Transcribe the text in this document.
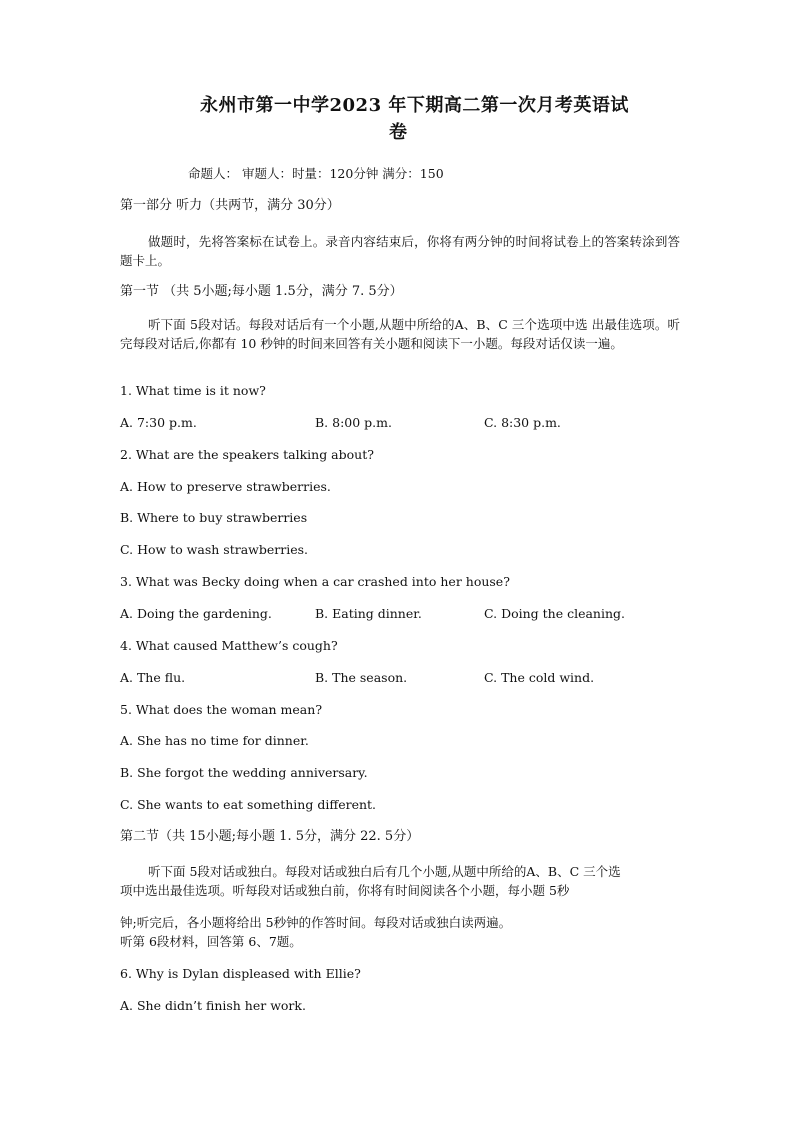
永州市第一中学2023 年下期高二第一次月考英语试
卷
命题人： 审题人：时量：120分钟 满分：150
第一部分 听力（共两节，满分 30分）
做题时，先将答案标在试卷上。录音内容结束后，你将有两分钟的时间将试卷上的答案转涂到答题卡上。
第一节 （共 5小题;每小题 1.5分，满分 7. 5分）
听下面 5段对话。每段对话后有一个小题,从题中所给的A、B、C 三个选项中选 出最佳选项。听完每段对话后,你都有 10 秒钟的时间来回答有关小题和阅读下一小题。每段对话仅读一遍。
1. What time is it now?
A. 7:30 p.m.	B. 8:00 p.m.	C. 8:30 p.m.
2. What are the speakers talking about?
A. How to preserve strawberries.
B. Where to buy strawberries
C. How to wash strawberries.
3. What was Becky doing when a car crashed into her house?
A. Doing the gardening.	B. Eating dinner.	C. Doing the cleaning.
4. What caused Matthew’s cough?
A. The flu.	B. The season.	C. The cold wind.
5. What does the woman mean?
A. She has no time for dinner.
B. She forgot the wedding anniversary.
C. She wants to eat something different.
第二节（共 15小题;每小题 1. 5分，满分 22. 5分）
听下面 5段对话或独白。每段对话或独白后有几个小题,从题中所给的A、B、C 三个选
项中选出最佳选项。听每段对话或独白前，你将有时间阅读各个小题，每小题 5秒
钟;听完后，各小题将给出 5秒钟的作答时间。每段对话或独白读两遍。
听第 6段材料，回答第 6、7题。
6. Why is Dylan displeased with Ellie?
A. She didn’t finish her work.
